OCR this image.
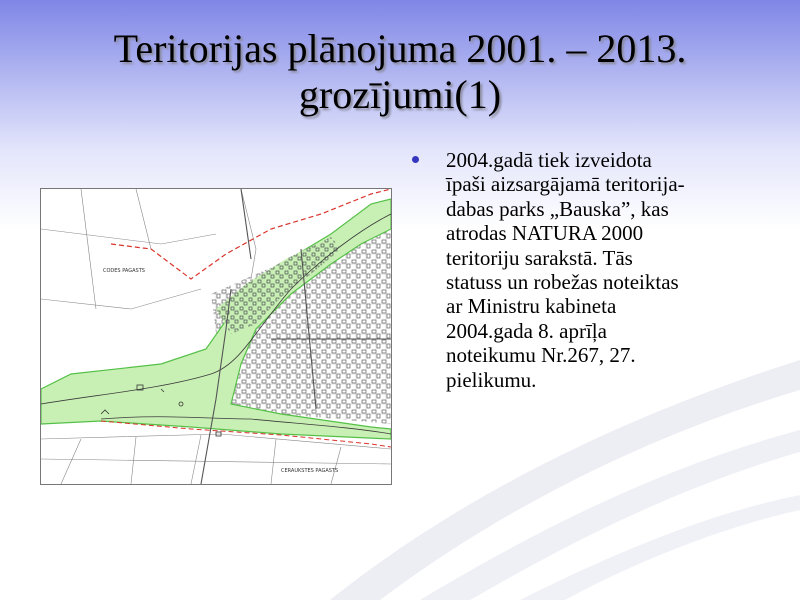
Teritorijas plānojuma 2001. – 2013.
grozījumi(1)
CODES PAGASTS
CERAUKSTES PAGASTS
2004.gadā tiek izveidota
īpaši aizsargājamā teritorija-
dabas parks „Bauska”, kas
atrodas NATURA 2000
teritoriju sarakstā. Tās
statuss un robežas noteiktas
ar Ministru kabineta
2004.gada 8. aprīļa
noteikumu Nr.267, 27.
pielikumu.
